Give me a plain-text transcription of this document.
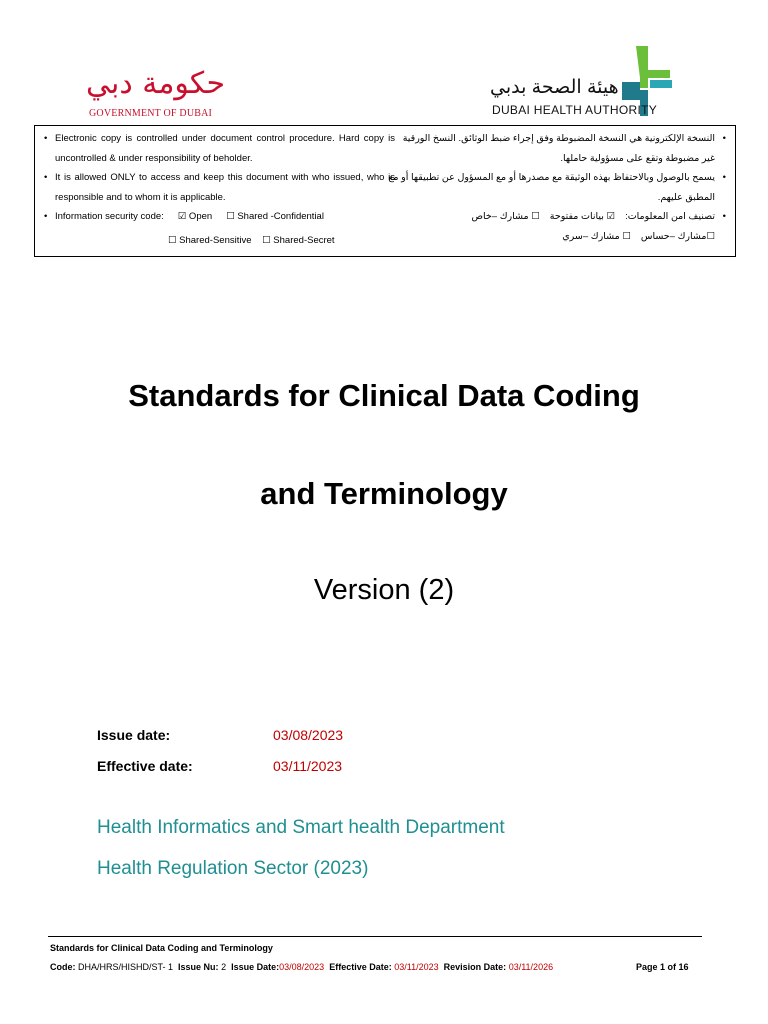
حكومة دبي
GOVERNMENT OF DUBAI
هيئة الصحة بدبي
DUBAI HEALTH AUTHORITY
• Electronic copy is controlled under document control procedure. Hard copy is uncontrolled & under responsibility of beholder.
• It is allowed ONLY to access and keep this document with who issued, who is responsible and to whom it is applicable.
• Information security code: ☑ Open ☐ Shared -Confidential
☐ Shared-Sensitive ☐ Shared-Secret
• النسخة الإلكترونية هي النسخة المضبوطة وفق إجراء ضبط الوثائق. النسخ الورقية غير مضبوطة وتقع على مسؤولية حاملها.
• يسمح بالوصول وبالاحتفاظ بهذه الوثيقة مع مصدرها أو مع المسؤول عن تطبيقها أو مع المطبق عليهم.
• تصنيف امن المعلومات:☑ بيانات مفتوحة☐ مشارك –خاص
☐مشارك –حساس☐ مشارك –سري
Standards for Clinical Data Coding
and Terminology
Version (2)
Issue date:	03/08/2023
Effective date:	03/11/2023
Health Informatics and Smart health Department
Health Regulation Sector (2023)
Standards for Clinical Data Coding and Terminology
Code: DHA/HRS/HISHD/ST- 1 Issue Nu: 2 Issue Date:03/08/2023 Effective Date: 03/11/2023 Revision Date: 03/11/2026	Page 1 of 16
